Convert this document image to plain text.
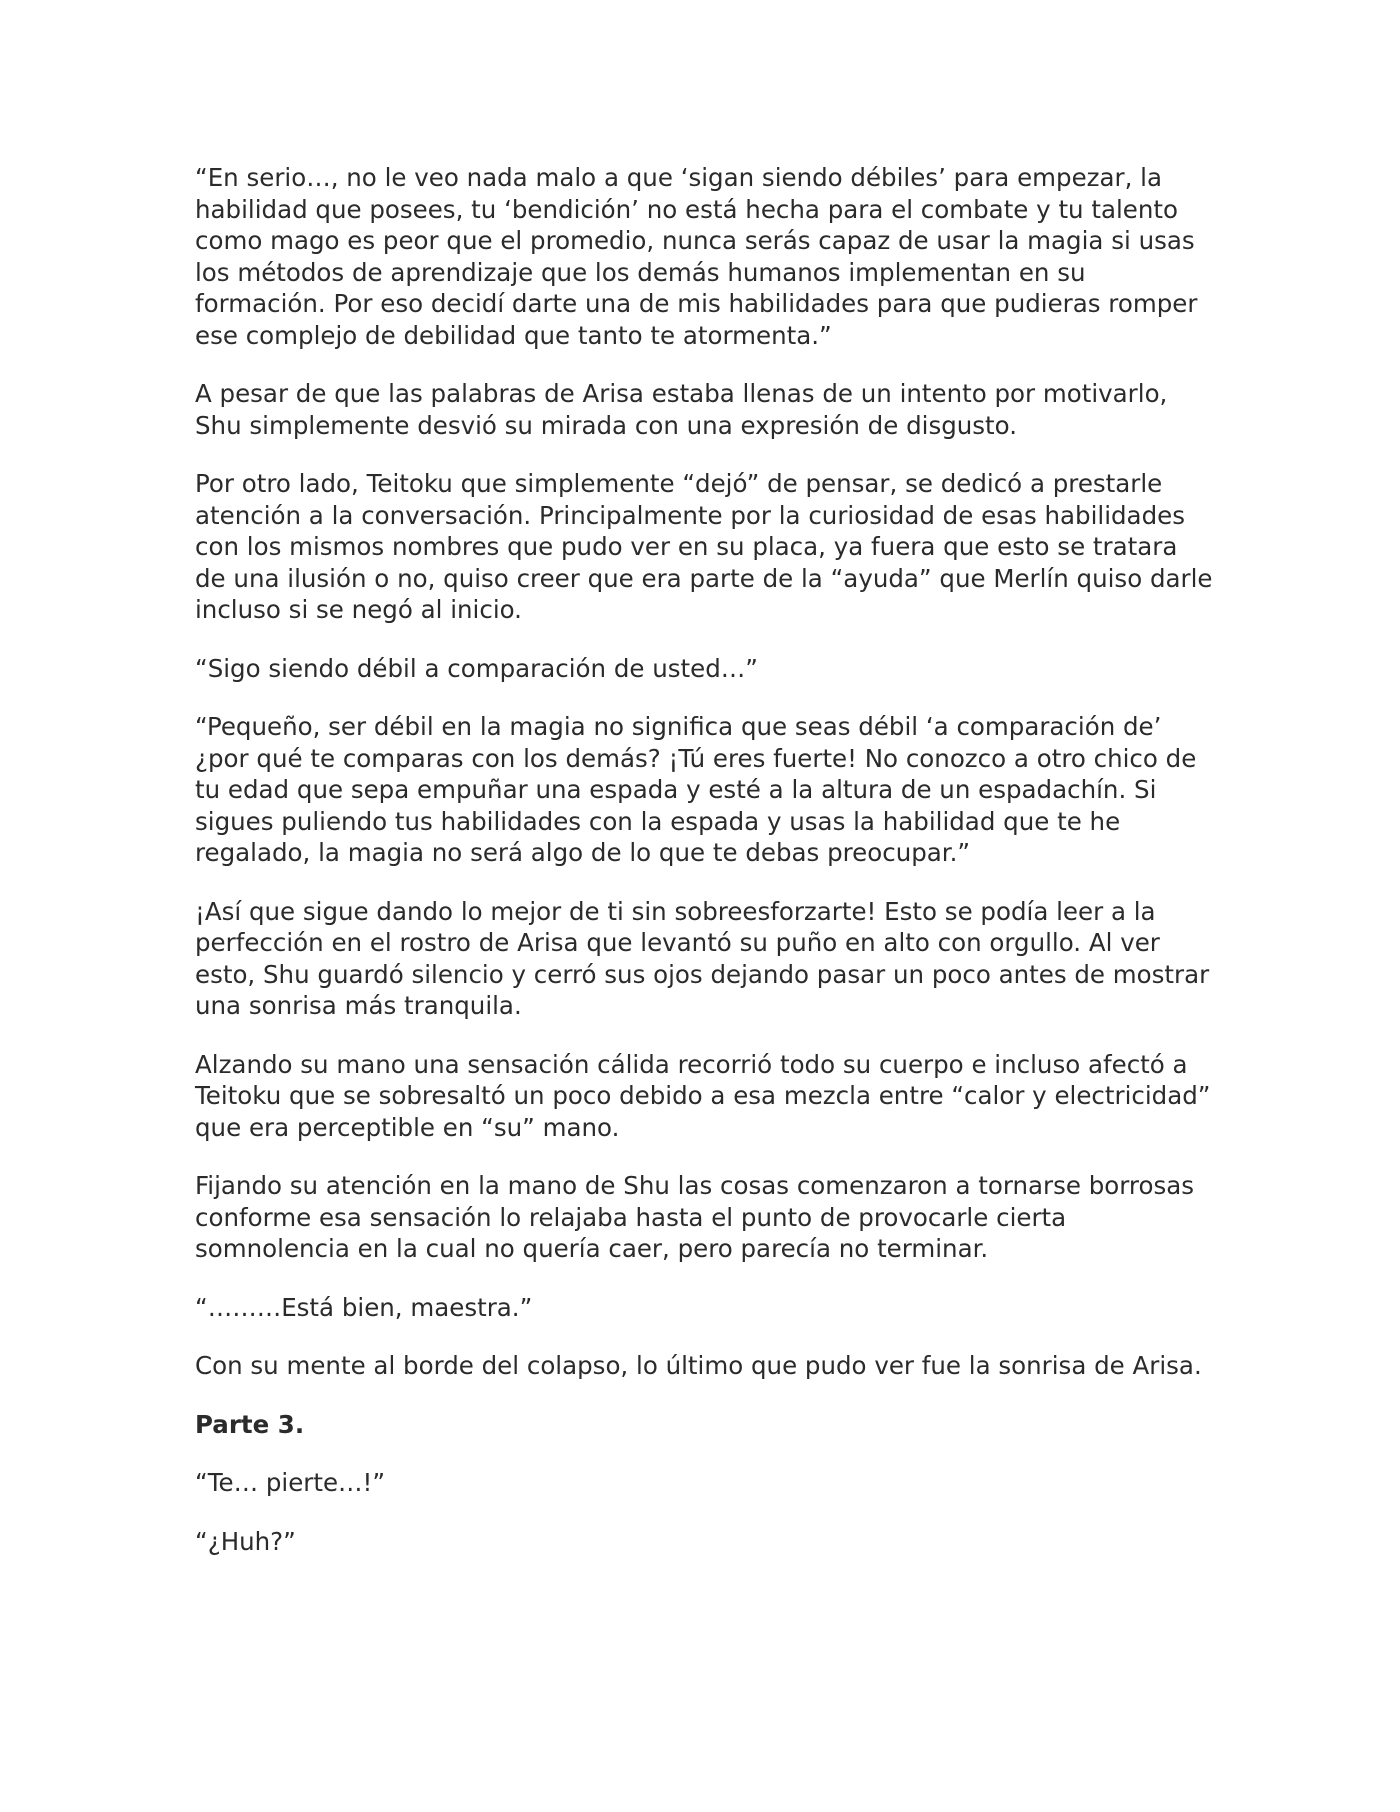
“En serio…, no le veo nada malo a que ‘sigan siendo débiles’ para empezar, la habilidad que posees, tu ‘bendición’ no está hecha para el combate y tu talento como mago es peor que el promedio, nunca serás capaz de usar la magia si usas los métodos de aprendizaje que los demás humanos implementan en su formación. Por eso decidí darte una de mis habilidades para que pudieras romper ese complejo de debilidad que tanto te atormenta.”

A pesar de que las palabras de Arisa estaba llenas de un intento por motivarlo, Shu simplemente desvió su mirada con una expresión de disgusto.

Por otro lado, Teitoku que simplemente “dejó” de pensar, se dedicó a prestarle atención a la conversación. Principalmente por la curiosidad de esas habilidades con los mismos nombres que pudo ver en su placa, ya fuera que esto se tratara de una ilusión o no, quiso creer que era parte de la “ayuda” que Merlín quiso darle incluso si se negó al inicio.

“Sigo siendo débil a comparación de usted…”

“Pequeño, ser débil en la magia no significa que seas débil ‘a comparación de’ ¿por qué te comparas con los demás? ¡Tú eres fuerte! No conozco a otro chico de tu edad que sepa empuñar una espada y esté a la altura de un espadachín. Si sigues puliendo tus habilidades con la espada y usas la habilidad que te he regalado, la magia no será algo de lo que te debas preocupar.”

¡Así que sigue dando lo mejor de ti sin sobreesforzarte! Esto se podía leer a la perfección en el rostro de Arisa que levantó su puño en alto con orgullo. Al ver esto, Shu guardó silencio y cerró sus ojos dejando pasar un poco antes de mostrar una sonrisa más tranquila.

Alzando su mano una sensación cálida recorrió todo su cuerpo e incluso afectó a Teitoku que se sobresaltó un poco debido a esa mezcla entre “calor y electricidad” que era perceptible en “su” mano.

Fijando su atención en la mano de Shu las cosas comenzaron a tornarse borrosas conforme esa sensación lo relajaba hasta el punto de provocarle cierta somnolencia en la cual no quería caer, pero parecía no terminar.

“………Está bien, maestra.”

Con su mente al borde del colapso, lo último que pudo ver fue la sonrisa de Arisa.

Parte 3.

“Te… pierte…!”

“¿Huh?”
